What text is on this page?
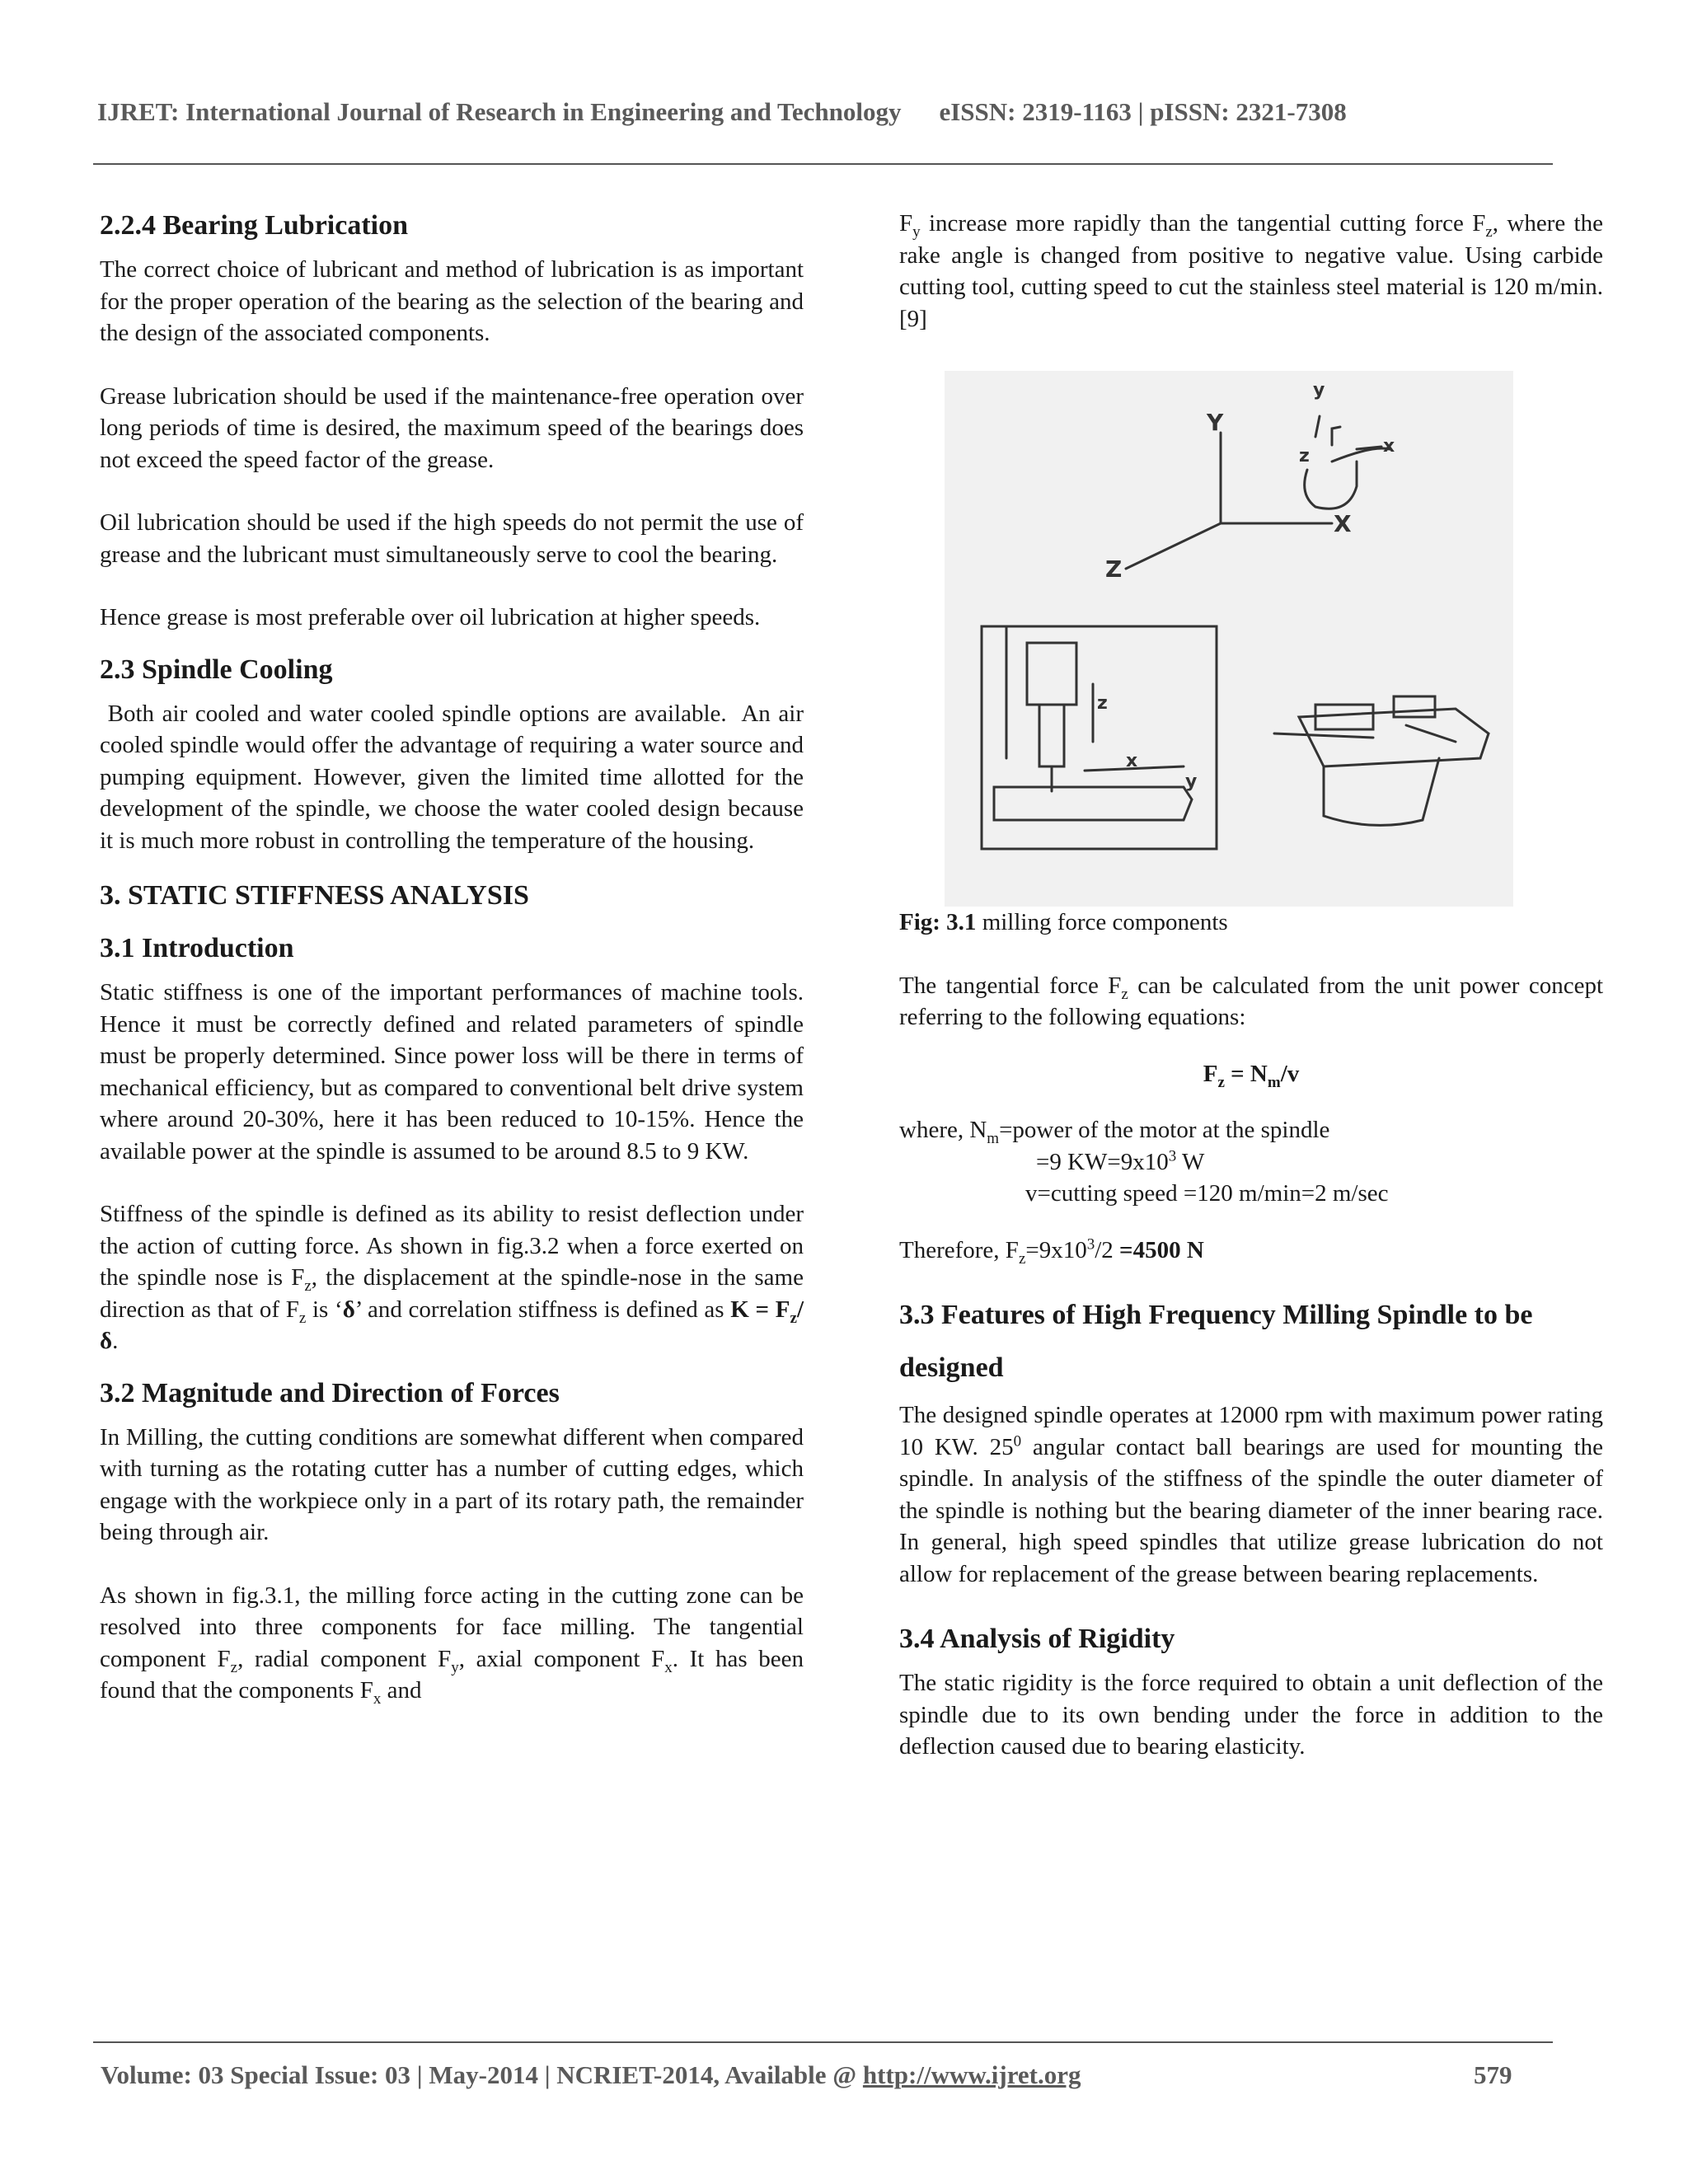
IJRET: International Journal of Research in Engineering and Technology eISSN: 2319-1163 | pISSN: 2321-7308
2.2.4 Bearing Lubrication

The correct choice of lubricant and method of lubrication is as important for the proper operation of the bearing as the selection of the bearing and the design of the associated components.

Grease lubrication should be used if the maintenance-free operation over long periods of time is desired, the maximum speed of the bearings does not exceed the speed factor of the grease.

Oil lubrication should be used if the high speeds do not permit the use of grease and the lubricant must simultaneously serve to cool the bearing.

Hence grease is most preferable over oil lubrication at higher speeds.

2.3 Spindle Cooling

Both air cooled and water cooled spindle options are available.  An air cooled spindle would offer the advantage of requiring a water source and pumping equipment. However, given the limited time allotted for the development of the spindle, we choose the water cooled design because it is much more robust in controlling the temperature of the housing.

3. STATIC STIFFNESS ANALYSIS
3.1 Introduction

Static stiffness is one of the important performances of machine tools. Hence it must be correctly defined and related parameters of spindle must be properly determined. Since power loss will be there in terms of mechanical efficiency, but as compared to conventional belt drive system where around 20-30%, here it has been reduced to 10-15%. Hence the available power at the spindle is assumed to be around 8.5 to 9 KW.

Stiffness of the spindle is defined as its ability to resist deflection under the action of cutting force. As shown in fig.3.2 when a force exerted on the spindle nose is $F_z$, the displacement at the spindle-nose in the same direction as that of $F_z$ is ‘δ’ and correlation stiffness is defined as $K = F_z/\delta$.

3.2 Magnitude and Direction of Forces

In Milling, the cutting conditions are somewhat different when compared with turning as the rotating cutter has a number of cutting edges, which engage with the workpiece only in a part of its rotary path, the remainder being through air.

As shown in fig.3.1, the milling force acting in the cutting zone can be resolved into three components for face milling. The tangential component $F_z$, radial component $F_y$, axial component $F_x$. It has been found that the components $F_x$ and

$F_y$ increase more rapidly than the tangential cutting force $F_z$, where the rake angle is changed from positive to negative value. Using carbide cutting tool, cutting speed to cut the stainless steel material is 120 m/min.[9]

Y
X
Z
y
x
z
z
x
y

Fig: 3.1 milling force components

The tangential force $F_z$ can be calculated from the unit power concept referring to the following equations:

$F_z = N_m/v$
where, $N_m=power$ of the motor at the spindle
=9 $KW=9x10^3$ W
v=cutting speed =120 m/min=2 m/sec

Therefore, $F_z=9x10^3/2 =4500$ N

3.3 Features of High Frequency Milling Spindle to be
designed

The designed spindle operates at 12000 rpm with maximum power rating 10 KW. $25^0$ angular contact ball bearings are used for mounting the spindle. In analysis of the stiffness of the spindle the outer diameter of the spindle is nothing but the bearing diameter of the inner bearing race. In general, high speed spindles that utilize grease lubrication do not allow for replacement of the grease between bearing replacements.

3.4 Analysis of Rigidity

The static rigidity is the force required to obtain a unit deflection of the spindle due to its own bending under the force in addition to the deflection caused due to bearing elasticity.

Volume: 03 Special Issue: 03 | May-2014 | NCRIET-2014, Available @ http://www.ijret.org	579
